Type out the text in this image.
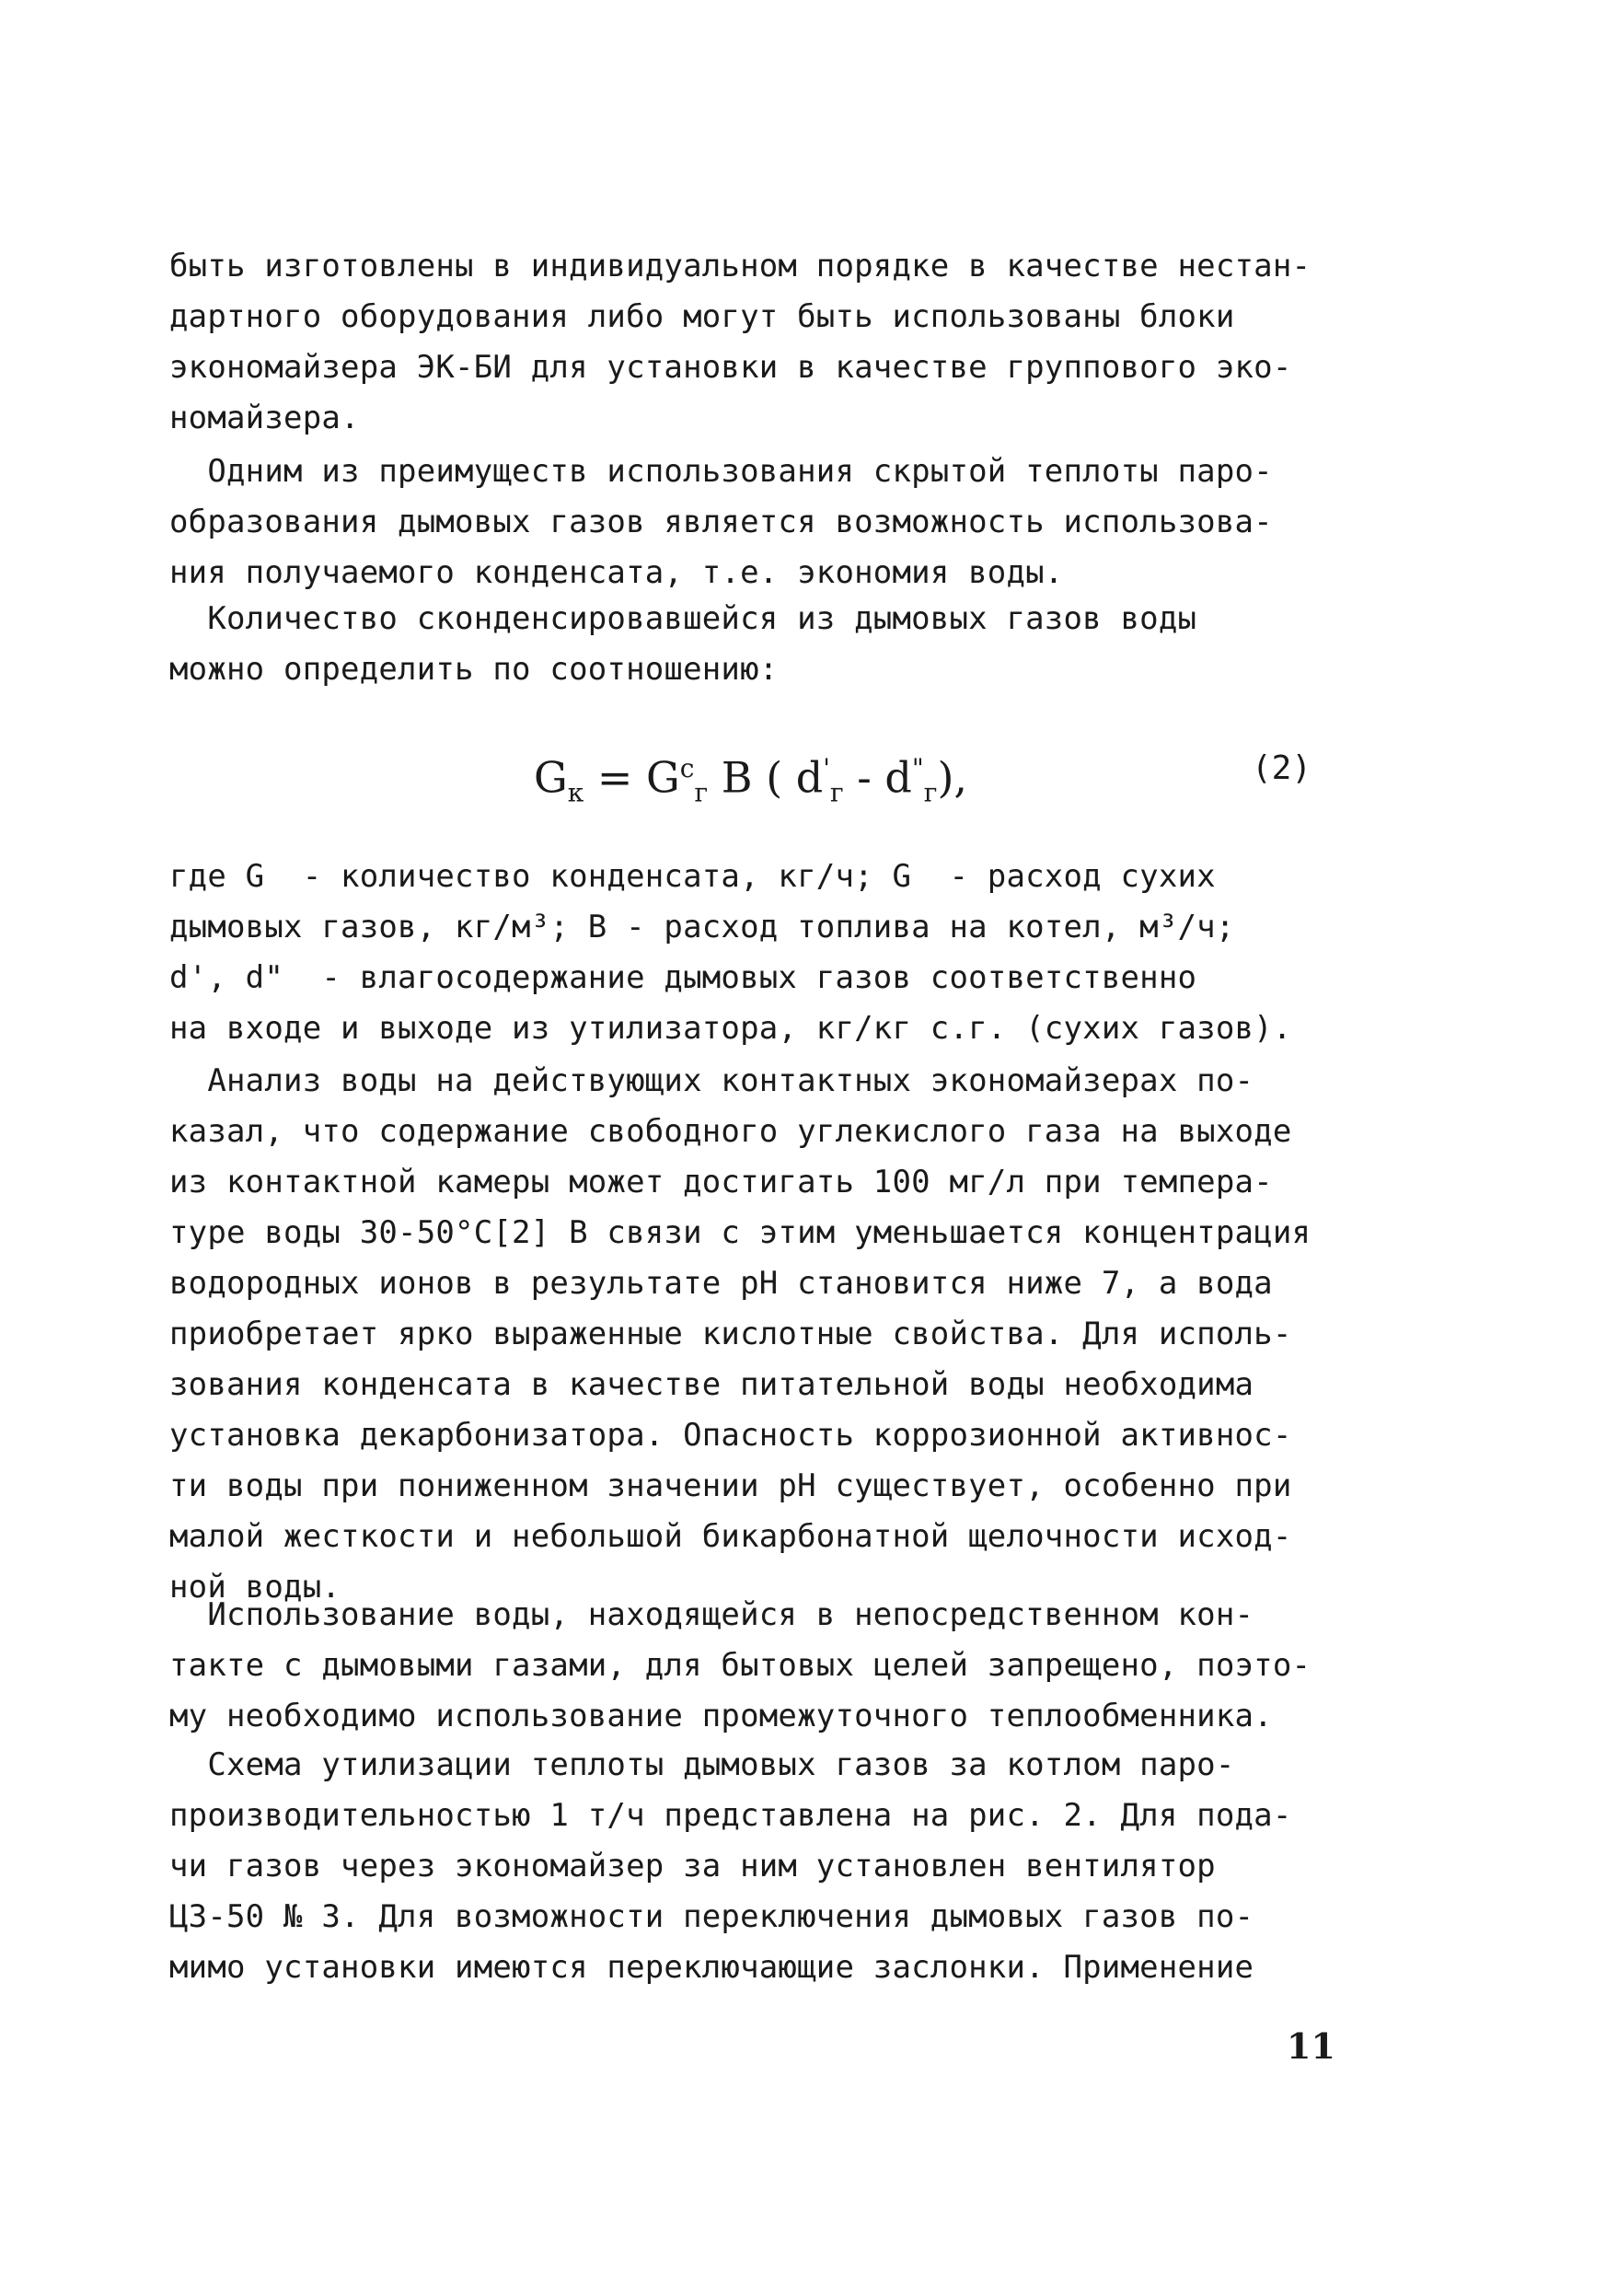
быть изготовлены в индивидуальном порядке в качестве нестан-
дартного оборудования либо могут быть использованы блоки
экономайзера ЭК-БИ для установки в качестве группового эко-
номайзера.
Одним из преимуществ использования скрытой теплоты паро-
образования дымовых газов является возможность использова-
ния получаемого конденсата, т.е. экономия воды.
Количество сконденсировавшейся из дымовых газов воды
можно определить по соотношению:

$G_к = G^с_г$ B ( $d'_г - d^"_г$),

	(2)

где G  - количество конденсата, кг/ч; G  - расход сухих
дымовых газов, кг/м³; В - расход топлива на котел, м³/ч;
d', d"  - влагосодержание дымовых газов соответственно
на входе и выходе из утилизатора, кг/кг с.г. (сухих газов).
Анализ воды на действующих контактных экономайзерах по-
казал, что содержание свободного углекислого газа на выходе
из контактной камеры может достигать 100 мг/л при темпера-
туре воды 30-50°С[2] В связи с этим уменьшается концентрация
водородных ионов в результате pH становится ниже 7, а вода
приобретает ярко выраженные кислотные свойства. Для исполь-
зования конденсата в качестве питательной воды необходима
установка декарбонизатора. Опасность коррозионной активнос-
ти воды при пониженном значении pH существует, особенно при
малой жесткости и небольшой бикарбонатной щелочности исход-
ной воды.
Использование воды, находящейся в непосредственном кон-
такте с дымовыми газами, для бытовых целей запрещено, поэто-
му необходимо использование промежуточного теплообменника.
Схема утилизации теплоты дымовых газов за котлом паро-
производительностью 1 т/ч представлена на рис. 2. Для пода-
чи газов через экономайзер за ним установлен вентилятор
ЦЗ-50 № 3. Для возможности переключения дымовых газов по-
мимо установки имеются переключающие заслонки. Применение
11
